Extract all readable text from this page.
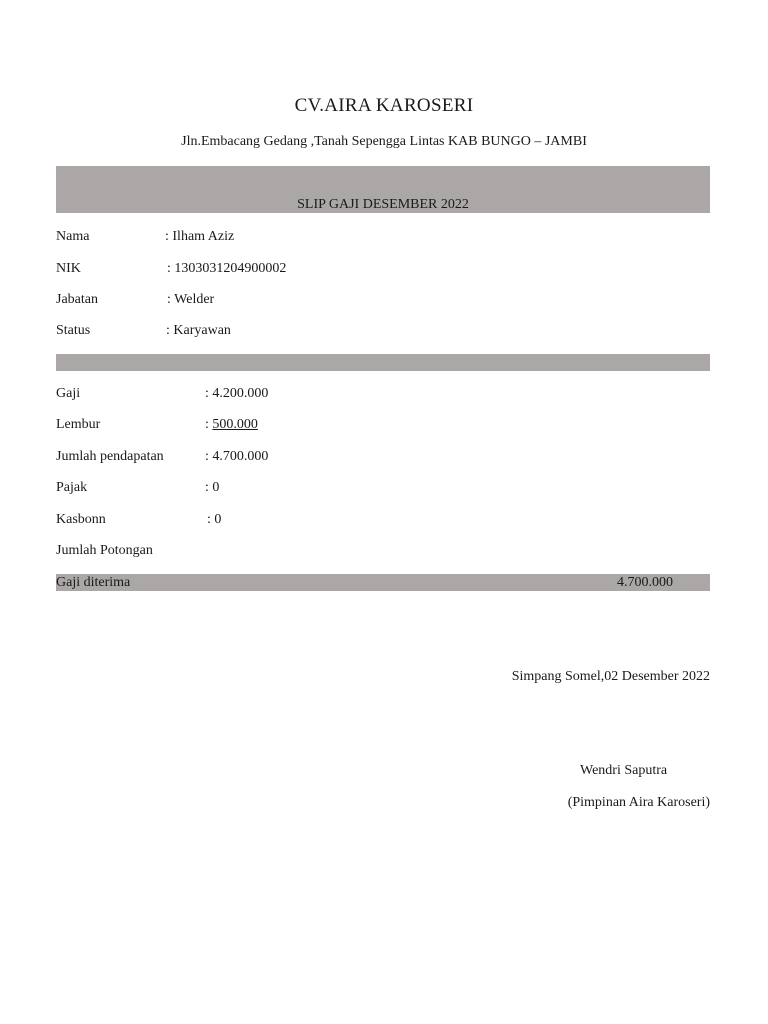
CV.AIRA KAROSERI
Jln.Embacang Gedang ,Tanah Sepengga Lintas KAB BUNGO – JAMBI
SLIP GAJI DESEMBER 2022
Nama	: Ilham Aziz
NIK	: 1303031204900002
Jabatan	: Welder
Status	: Karyawan
Gaji	: 4.200.000
Lembur	: 500.000
Jumlah pendapatan	: 4.700.000
Pajak	: 0
Kasbonn	: 0
Jumlah Potongan
Gaji diterima	4.700.000
Simpang Somel,02 Desember 2022
Wendri Saputra
(Pimpinan Aira Karoseri)
